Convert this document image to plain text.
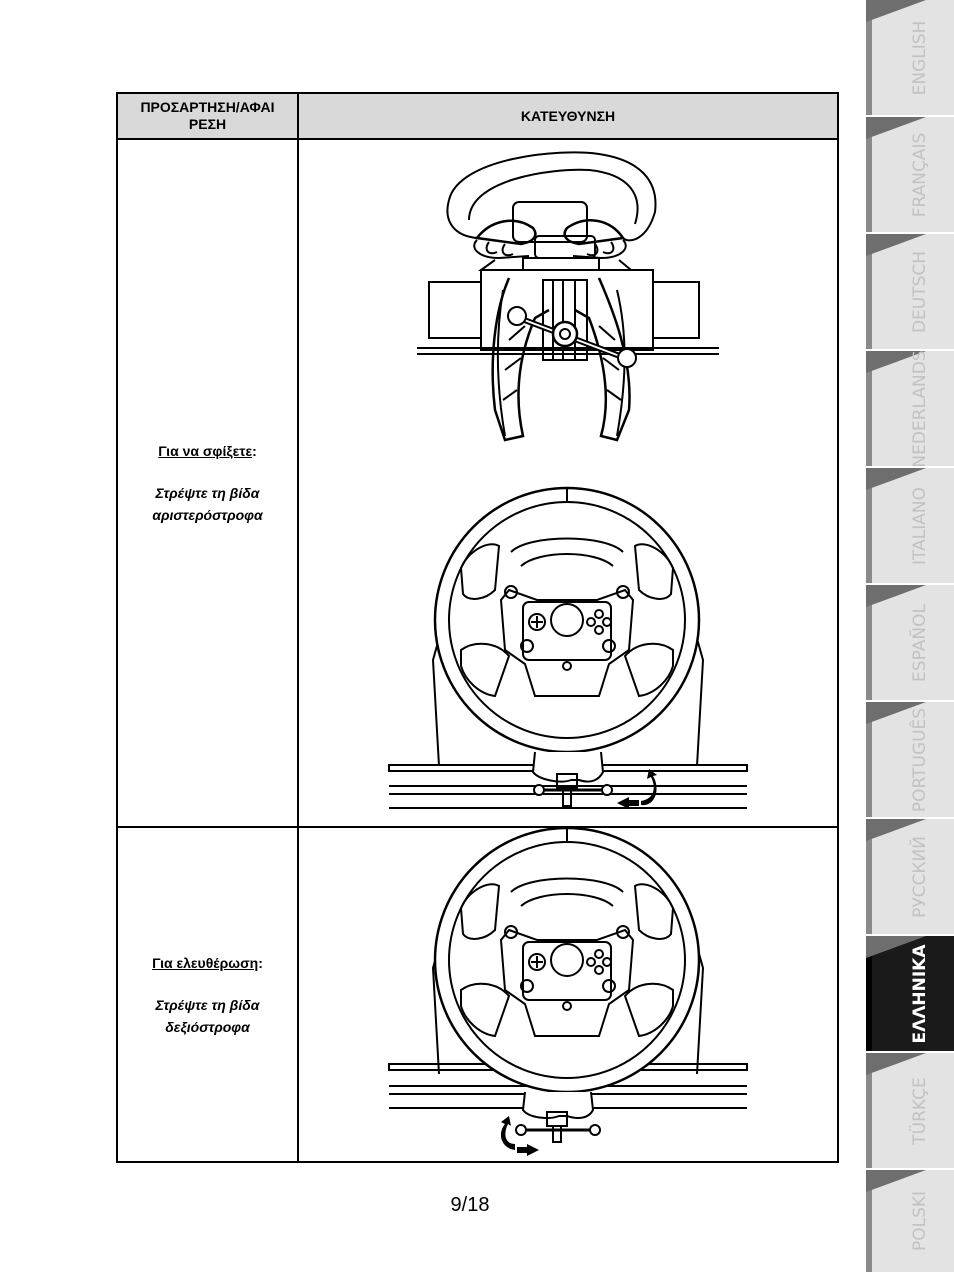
ΠΡΟΣΑΡΤΗΣΗ/ΑΦΑΙ
ΡΕΣΗ	ΚΑΤΕΥΘΥΝΣΗ
Για να σφίξετε:
Στρέψτε τη βίδα
αριστερόστροφα

Για ελευθέρωση:
Στρέψτε τη βίδα
δεξιόστροφα

9/18
ENGLISH
FRANÇAIS
DEUTSCH
NEDERLANDS
ITALIANO
ESPAÑOL
PORTUGUÊS
РУССКИЙ
ΕΛΛΗΝΙΚΑ
TÜRKÇE
POLSKI
